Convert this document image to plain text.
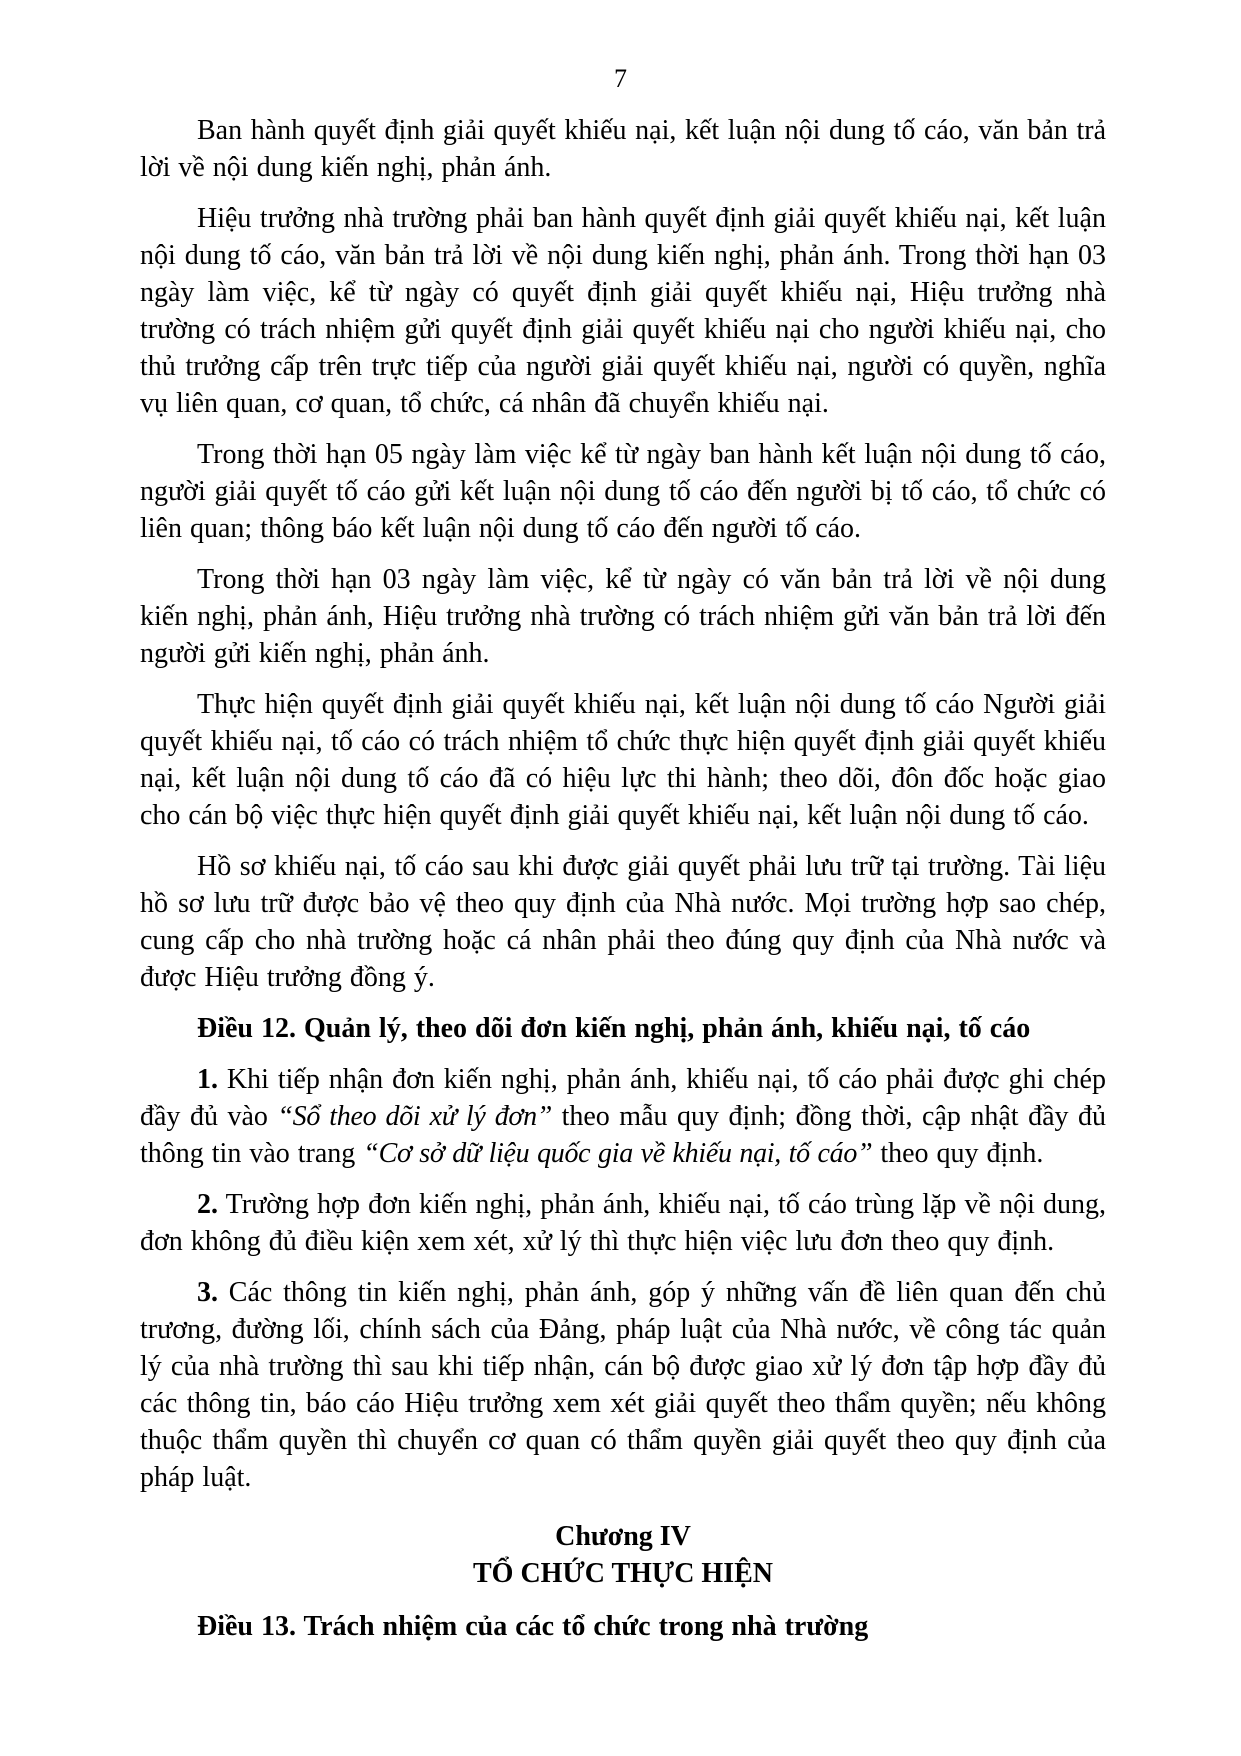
7

Ban hành quyết định giải quyết khiếu nại, kết luận nội dung tố cáo, văn bản trả lời về nội dung kiến nghị, phản ánh.

Hiệu trưởng nhà trường phải ban hành quyết định giải quyết khiếu nại, kết luận nội dung tố cáo, văn bản trả lời về nội dung kiến nghị, phản ánh. Trong thời hạn 03 ngày làm việc, kể từ ngày có quyết định giải quyết khiếu nại, Hiệu trưởng nhà trường có trách nhiệm gửi quyết định giải quyết khiếu nại cho người khiếu nại, cho thủ trưởng cấp trên trực tiếp của người giải quyết khiếu nại, người có quyền, nghĩa vụ liên quan, cơ quan, tổ chức, cá nhân đã chuyển khiếu nại.

Trong thời hạn 05 ngày làm việc kể từ ngày ban hành kết luận nội dung tố cáo, người giải quyết tố cáo gửi kết luận nội dung tố cáo đến người bị tố cáo, tổ chức có liên quan; thông báo kết luận nội dung tố cáo đến người tố cáo.

Trong thời hạn 03 ngày làm việc, kể từ ngày có văn bản trả lời về nội dung kiến nghị, phản ánh, Hiệu trưởng nhà trường có trách nhiệm gửi văn bản trả lời đến người gửi kiến nghị, phản ánh.

Thực hiện quyết định giải quyết khiếu nại, kết luận nội dung tố cáo Người giải quyết khiếu nại, tố cáo có trách nhiệm tổ chức thực hiện quyết định giải quyết khiếu nại, kết luận nội dung tố cáo đã có hiệu lực thi hành; theo dõi, đôn đốc hoặc giao cho cán bộ việc thực hiện quyết định giải quyết khiếu nại, kết luận nội dung tố cáo.

Hồ sơ khiếu nại, tố cáo sau khi được giải quyết phải lưu trữ tại trường. Tài liệu hồ sơ lưu trữ được bảo vệ theo quy định của Nhà nước. Mọi trường hợp sao chép, cung cấp cho nhà trường hoặc cá nhân phải theo đúng quy định của Nhà nước và được Hiệu trưởng đồng ý.

Điều 12. Quản lý, theo dõi đơn kiến nghị, phản ánh, khiếu nại, tố cáo

1. Khi tiếp nhận đơn kiến nghị, phản ánh, khiếu nại, tố cáo phải được ghi chép đầy đủ vào “Sổ theo dõi xử lý đơn” theo mẫu quy định; đồng thời, cập nhật đầy đủ thông tin vào trang “Cơ sở dữ liệu quốc gia về khiếu nại, tố cáo” theo quy định.

2. Trường hợp đơn kiến nghị, phản ánh, khiếu nại, tố cáo trùng lặp về nội dung, đơn không đủ điều kiện xem xét, xử lý thì thực hiện việc lưu đơn theo quy định.

3. Các thông tin kiến nghị, phản ánh, góp ý những vấn đề liên quan đến chủ trương, đường lối, chính sách của Đảng, pháp luật của Nhà nước, về công tác quản lý của nhà trường thì sau khi tiếp nhận, cán bộ được giao xử lý đơn tập hợp đầy đủ các thông tin, báo cáo Hiệu trưởng xem xét giải quyết theo thẩm quyền; nếu không thuộc thẩm quyền thì chuyển cơ quan có thẩm quyền giải quyết theo quy định của pháp luật.

Chương IV
TỔ CHỨC THỰC HIỆN

Điều 13. Trách nhiệm của các tổ chức trong nhà trường
